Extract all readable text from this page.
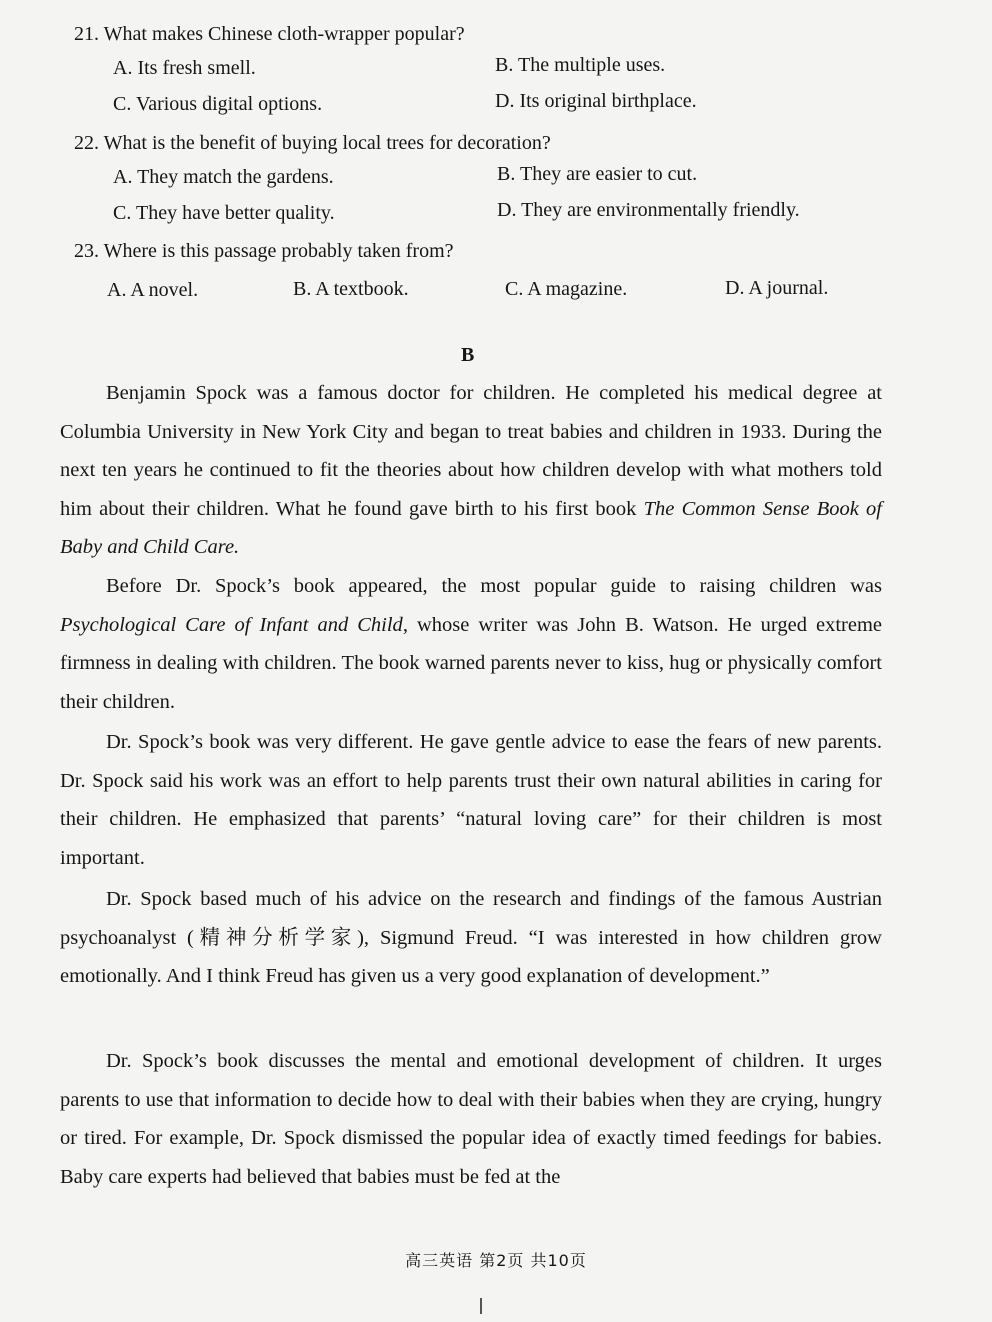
21. What makes Chinese cloth-wrapper popular?
A. Its fresh smell.	B. The multiple uses.
C. Various digital options.	D. Its original birthplace.
22. What is the benefit of buying local trees for decoration?
A. They match the gardens.	B. They are easier to cut.
C. They have better quality.	D. They are environmentally friendly.
23. Where is this passage probably taken from?
A. A novel.	B. A textbook.	C. A magazine.	D. A journal.
B

Benjamin Spock was a famous doctor for children. He completed his medical degree at Columbia University in New York City and began to treat babies and children in 1933. During the next ten years he continued to fit the theories about how children develop with what mothers told him about their children. What he found gave birth to his first book The Common Sense Book of Baby and Child Care.

Before Dr. Spock’s book appeared, the most popular guide to raising children was Psychological Care of Infant and Child, whose writer was John B. Watson. He urged extreme firmness in dealing with children. The book warned parents never to kiss, hug or physically comfort their children.

Dr. Spock’s book was very different. He gave gentle advice to ease the fears of new parents. Dr. Spock said his work was an effort to help parents trust their own natural abilities in caring for their children. He emphasized that parents’ “natural loving care” for their children is most important.

Dr. Spock based much of his advice on the research and findings of the famous Austrian psychoanalyst (精神分析学家), Sigmund Freud. “I was interested in how children grow emotionally. And I think Freud has given us a very good explanation of development.”

Dr. Spock’s book discusses the mental and emotional development of children. It urges parents to use that information to decide how to deal with their babies when they are crying, hungry or tired. For example, Dr. Spock dismissed the popular idea of exactly timed feedings for babies. Baby care experts had believed that babies must be fed at the

高三英语 第2页 共10页
